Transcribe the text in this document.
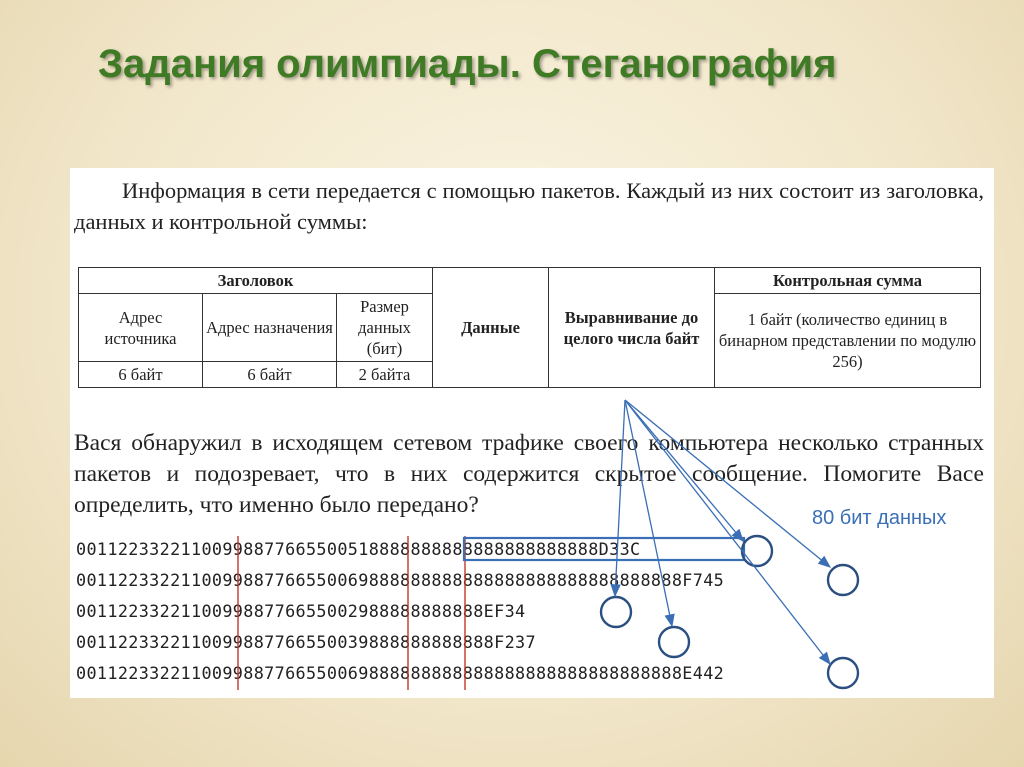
Задания олимпиады. Стеганография

Информация в сети передается с помощью пакетов. Каждый из них состоит из заголовка, данных и контрольной суммы:

Заголовок			Данные	Выравнивание до целого числа байт	Контрольная сумма
Адрес источника	Адрес назначения	Размер данных (бит)			1 байт (количество единиц в бинарном представлении по модулю 256)
6 байт	6 байт	2 байта			

Вася обнаружил в исходящем сетевом трафике своего компьютера несколько странных пакетов и подозревает, что в них содержится скрытое сообщение. Помогите Васе определить, что именно было передано?

00112233221100998877665500518888888888888888888888D33C
0011223322110099887766550069888888888888888888888888888888F745
001122332211009988776655002988888888888EF34
0011223322110099887766550039888888888888F237
0011223322110099887766550069888888888888888888888888888888E442
80 бит данных
